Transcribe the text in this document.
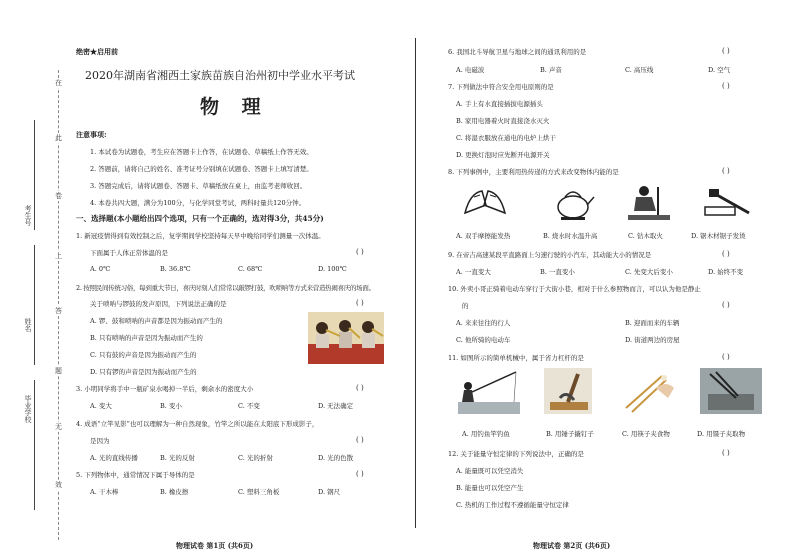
在
此
卷
上
答
题
无
效
考生号
姓名
毕业学校
绝密★启用前
2020年湖南省湘西土家族苗族自治州初中学业水平考试
物 理
注意事项:
1. 本试卷为试题卷，考生应在答题卡上作答，在试题卷、草稿纸上作答无效。
2. 答题前，请将自己的姓名、准考证号分别填在试题卷、答题卡上填写清楚。
3. 答题完成后，请将试题卷、答题卡、草稿纸放在桌上，由监考老师收回。
4. 本卷共四大题，满分为100分，与化学同堂考试，两科时量共120分钟。
一、选择题(本小题给出四个选项，只有一个正确的，选对得3分，共45分)
1. 新冠疫情得到有效控制之后，复学期间学校坚持每天早中晚给同学们测量一次体温。
下面属于人体正常体温的是	( )
A. 0℃	B. 36.8℃	C. 68℃	D. 100℃
2. 按照民间传统习俗，每到重大节日，喜庆时刻人们常常以敲锣打鼓，吹唢呐等方式来营造热闹喜庆的场面。
关于唢呐与锣鼓的发声原因，下列说法正确的是	( )
A. 锣、鼓和唢呐的声音都是因为振动而产生的
B. 只有唢呐的声音是因为振动而产生的
C. 只有鼓的声音是因为振动而产生的
D. 只有锣的声音是因为振动而产生的
3. 小明同学将手中一瓶矿泉水喝掉一半后，剩余水的密度大小	( )
A. 变大	B. 变小	C. 不变	D. 无法确定
4. 成语“立竿见影”也可以理解为一种自然现象，竹竿之所以能在太阳底下形成影子，
是因为	( )
A. 光的直线传播	B. 光的反射	C. 光的折射	D. 光的色散
5. 下列物体中，通常情况下属于导体的是	( )
A. 干木棒	B. 橡皮擦	C. 塑料三角板	D. 钢尺
物理试卷 第1页 (共6页)
6. 我国北斗导航卫星与地球之间的通讯利用的是	( )
A. 电磁波	B. 声音	C. 高压线	D. 空气
7. 下列做法中符合安全用电原则的是	( )
A. 手上有水直接插拔电源插头
B. 家用电器着火时直接浇水灭火
C. 将湿衣服放在通电的电炉上烘干
D. 更换灯泡时应先断开电源开关
8. 下列事例中，主要利用热传递的方式来改变物体内能的是	( )
A. 双手摩擦能发热	B. 烧水时水温升高	C. 钻木取火	D. 锯木材锯子发烫
9. 在帝吉高速某段平直路面上匀速行驶的小汽车，其动能大小的情况是	( )
A. 一直变大	B. 一直变小	C. 先变大后变小	D. 始终不变
10. 外卖小哥正骑着电动车穿行于大街小巷，相对于什么参照物而言，可以认为他是静止
的	( )
A. 来来往往的行人	B. 迎面而来的车辆
C. 他所骑的电动车	D. 街道两边的房屋
11. 如图所示的简单机械中，属于省力杠杆的是	( )
A. 用钓鱼竿钓鱼	B. 用锤子撬钉子	C. 用筷子夹食物	D. 用镊子夹取物
12. 关于能量守恒定律的下列说法中，正确的是	( )
A. 能量既可以凭空消失
B. 能量也可以凭空产生
C. 热机的工作过程不遵循能量守恒定律
物理试卷 第2页 (共6页)
